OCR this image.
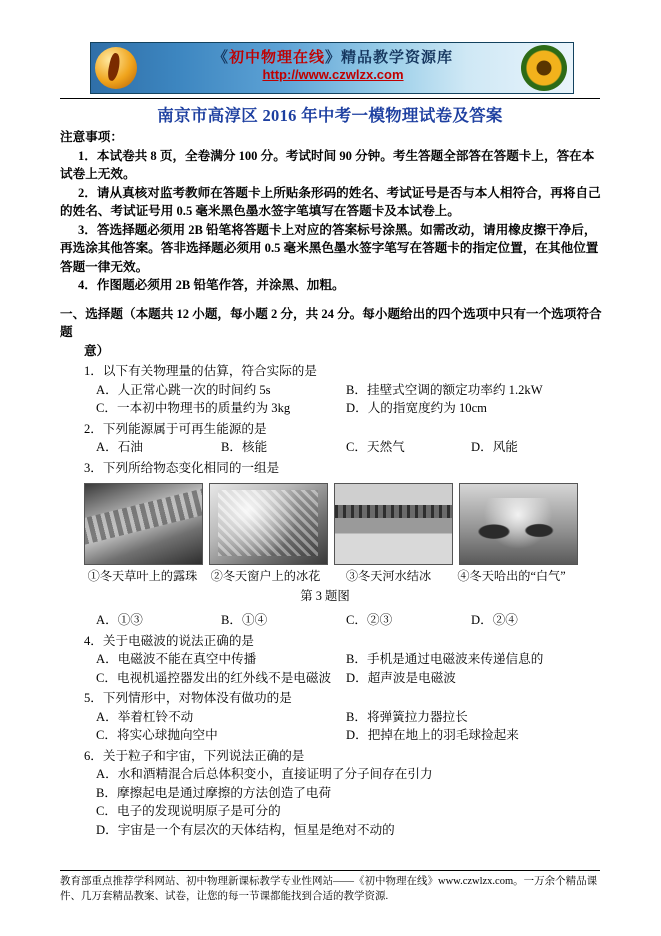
《初中物理在线》精品教学资源库
http://www.czwlzx.com
南京市高淳区 2016 年中考一模物理试卷及答案

注意事项：

1．本试卷共 8 页，全卷满分 100 分。考试时间 90 分钟。考生答题全部答在答题卡上，答在本试卷上无效。

2．请从真核对监考教师在答题卡上所贴条形码的姓名、考试证号是否与本人相符合，再将自己的姓名、考试证号用 0.5 毫米黑色墨水签字笔填写在答题卡及本试卷上。

3．答选择题必须用 2B 铅笔将答题卡上对应的答案标号涂黑。如需改动，请用橡皮擦干净后，再选涂其他答案。答非选择题必须用 0.5 毫米黑色墨水签字笔写在答题卡的指定位置，在其他位置答题一律无效。

4．作图题必须用 2B 铅笔作答，并涂黑、加粗。

一、选择题（本题共 12 小题，每小题 2 分，共 24 分。每小题给出的四个选项中只有一个选项符合题
意）
1．以下有关物理量的估算，符合实际的是
A．人正常心跳一次的时间约 5s	B．挂壁式空调的额定功率约 1.2kW
C．一本初中物理书的质量约为 3kg	D．人的指宽度约为 10cm
2．下列能源属于可再生能源的是
A．石油	B．核能	C．天然气	D．风能
3．下列所给物态变化相同的一组是
①冬天草叶上的露珠 ②冬天窗户上的冰花	③冬天河水结冰	④冬天哈出的“白气”
第 3 题图
A．①③	B．①④	C．②③	D．②④
4．关于电磁波的说法正确的是
A．电磁波不能在真空中传播	B．手机是通过电磁波来传递信息的
C．电视机遥控器发出的红外线不是电磁波	D．超声波是电磁波
5．下列情形中，对物体没有做功的是
A．举着杠铃不动	B．将弹簧拉力器拉长
C．将实心球抛向空中	D．把掉在地上的羽毛球捡起来
6．关于粒子和宇宙，下列说法正确的是
A．水和酒精混合后总体积变小，直接证明了分子间存在引力
B．摩擦起电是通过摩擦的方法创造了电荷
C．电子的发现说明原子是可分的
D．宇宙是一个有层次的天体结构，恒星是绝对不动的
教育部重点推荐学科网站、初中物理新课标教学专业性网站——《初中物理在线》www.czwlzx.com。一万余个精品课件、几万套精品教案、试卷，让您的每一节课都能找到合适的教学资源.
